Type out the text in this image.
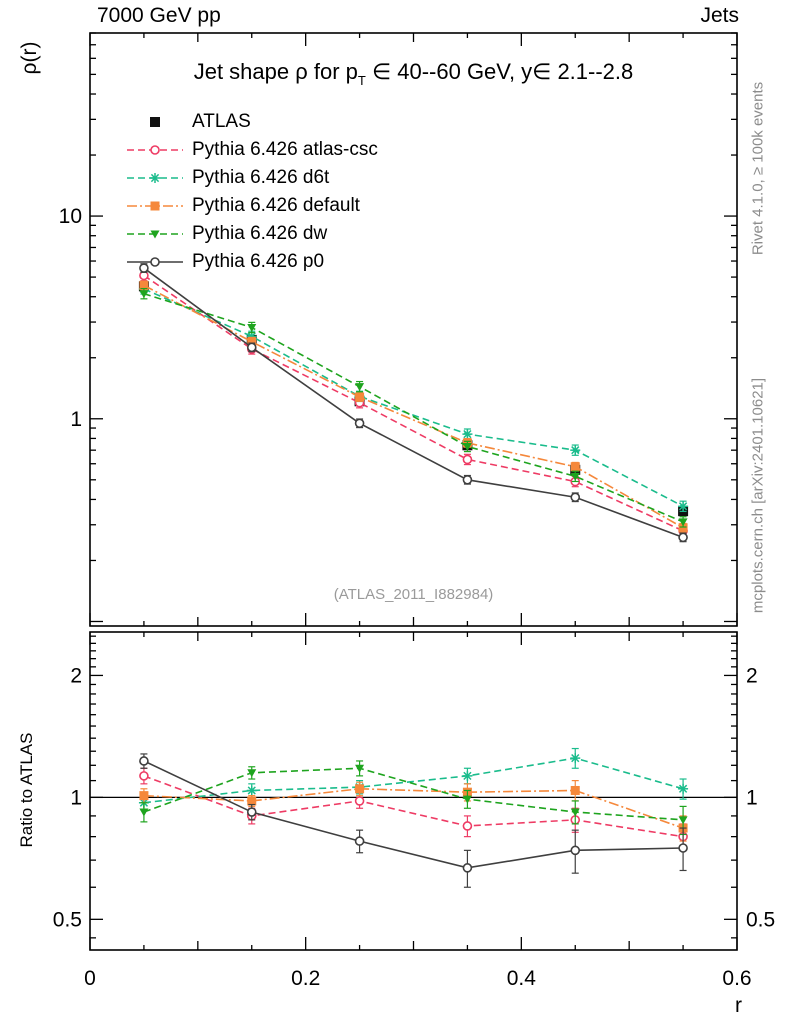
1
10
0.5	0.5
1	1
2	2
0	0.2	0.4	0.6
7000 GeV pp	Jets
Jet shape ρ for $p_T$ ∈ 40--60 GeV, y∈ 2.1--2.8
ρ(r)
Ratio to ATLAS
Rivet 4.1.0, ≥ 100k events
mcplots.cern.ch [arXiv:2401.10621]
(ATLAS_2011_I882984)
ATLAS
Pythia 6.426 atlas-csc
Pythia 6.426 d6t
Pythia 6.426 default
Pythia 6.426 dw
Pythia 6.426 p0
r
